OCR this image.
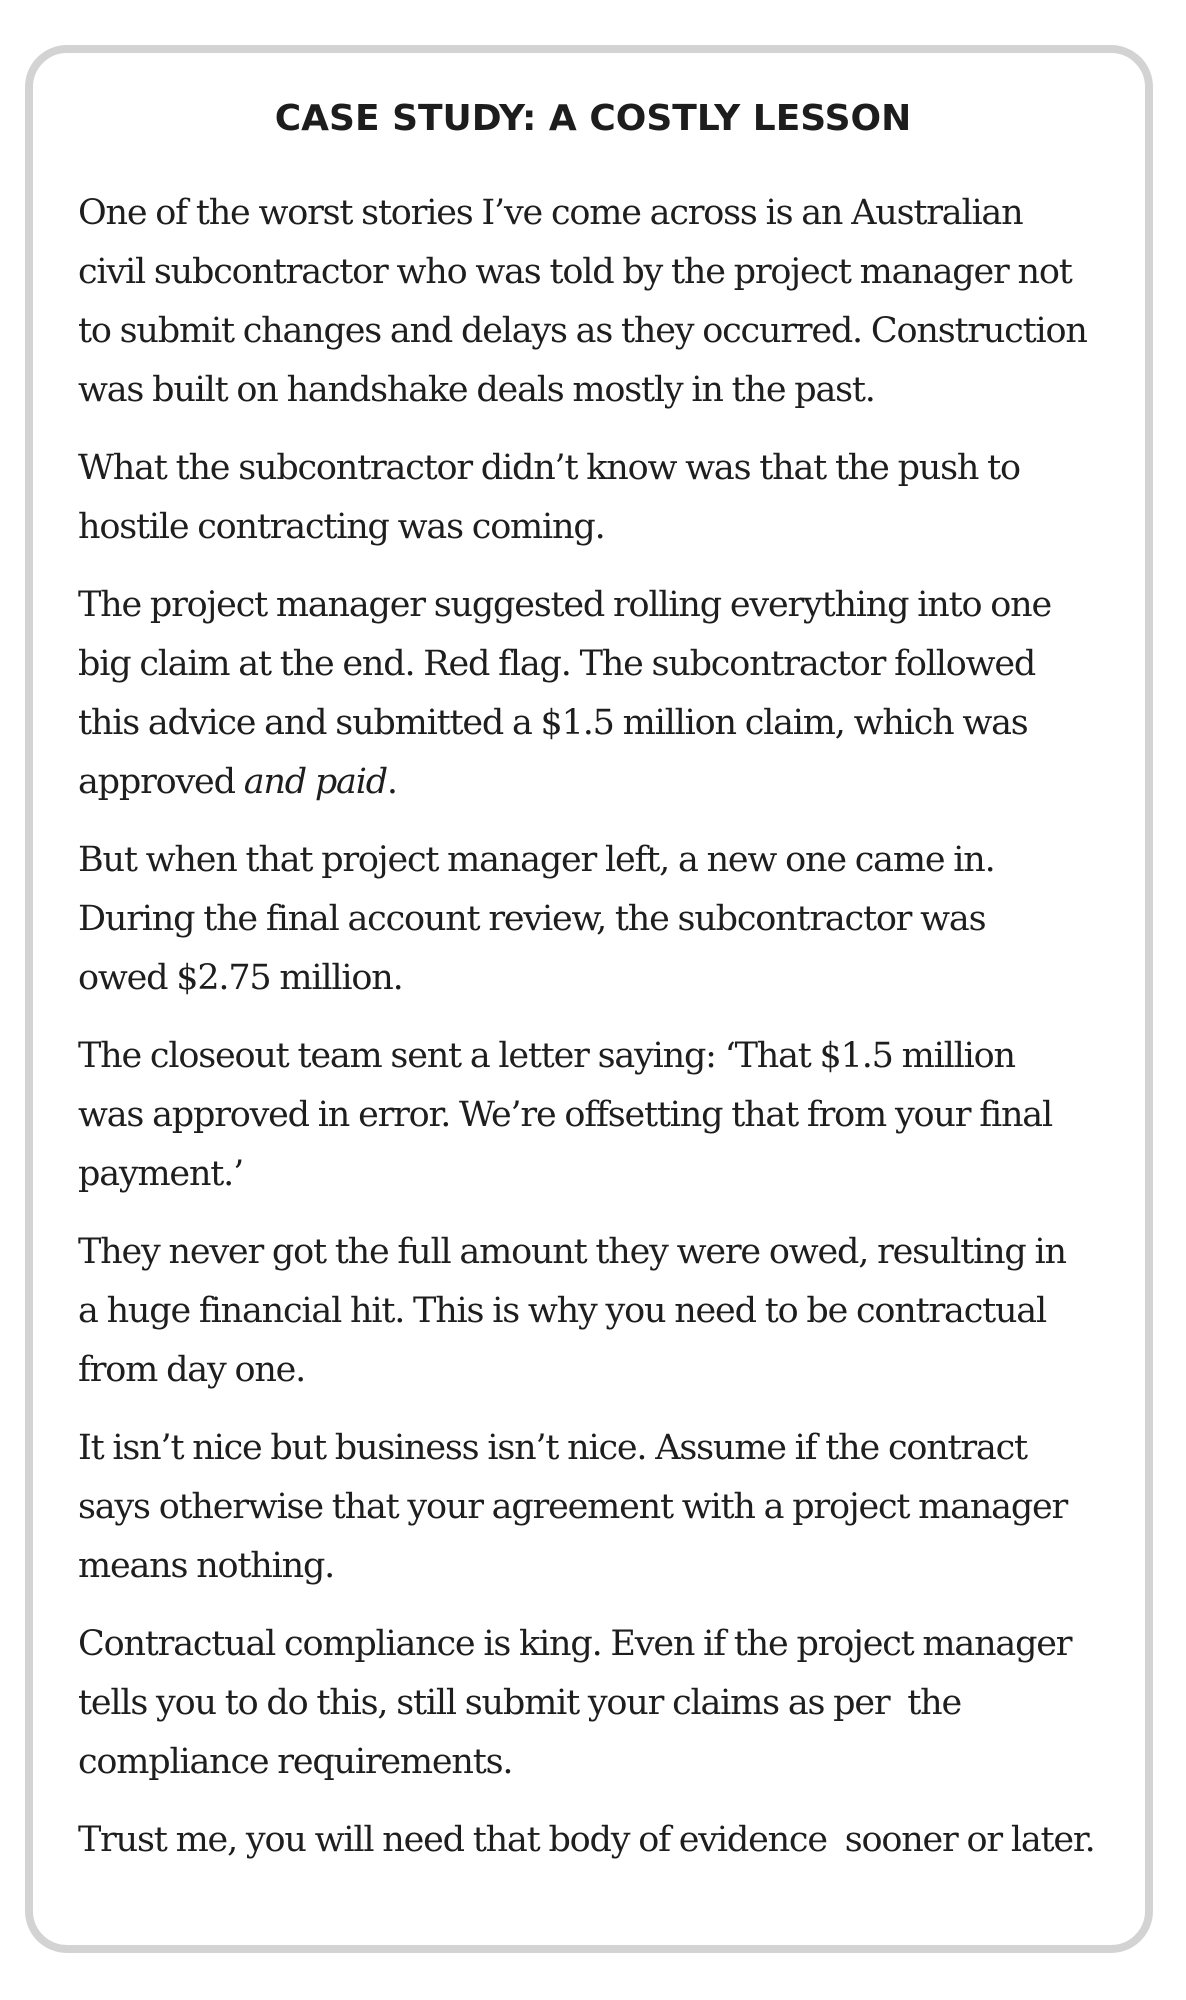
CASE STUDY: A COSTLY LESSON
One of the worst stories I’ve come across is an Australian
civil subcontractor who was told by the project manager not
to submit changes and delays as they occurred. Construction
was built on handshake deals mostly in the past.
What the subcontractor didn’t know was that the push to
hostile contracting was coming.
The project manager suggested rolling everything into one
big claim at the end. Red flag. The subcontractor followed
this advice and submitted a $1.5 million claim, which was
approved and paid.
But when that project manager left, a new one came in.
During the final account review, the subcontractor was
owed $2.75 million.
The closeout team sent a letter saying: ‘That $1.5 million
was approved in error. We’re offsetting that from your final
payment.’
They never got the full amount they were owed, resulting in
a huge financial hit. This is why you need to be contractual
from day one.
It isn’t nice but business isn’t nice. Assume if the contract
says otherwise that your agreement with a project manager
means nothing.
Contractual compliance is king. Even if the project manager
tells you to do this, still submit your claims as per  the
compliance requirements.
Trust me, you will need that body of evidence  sooner or later.
